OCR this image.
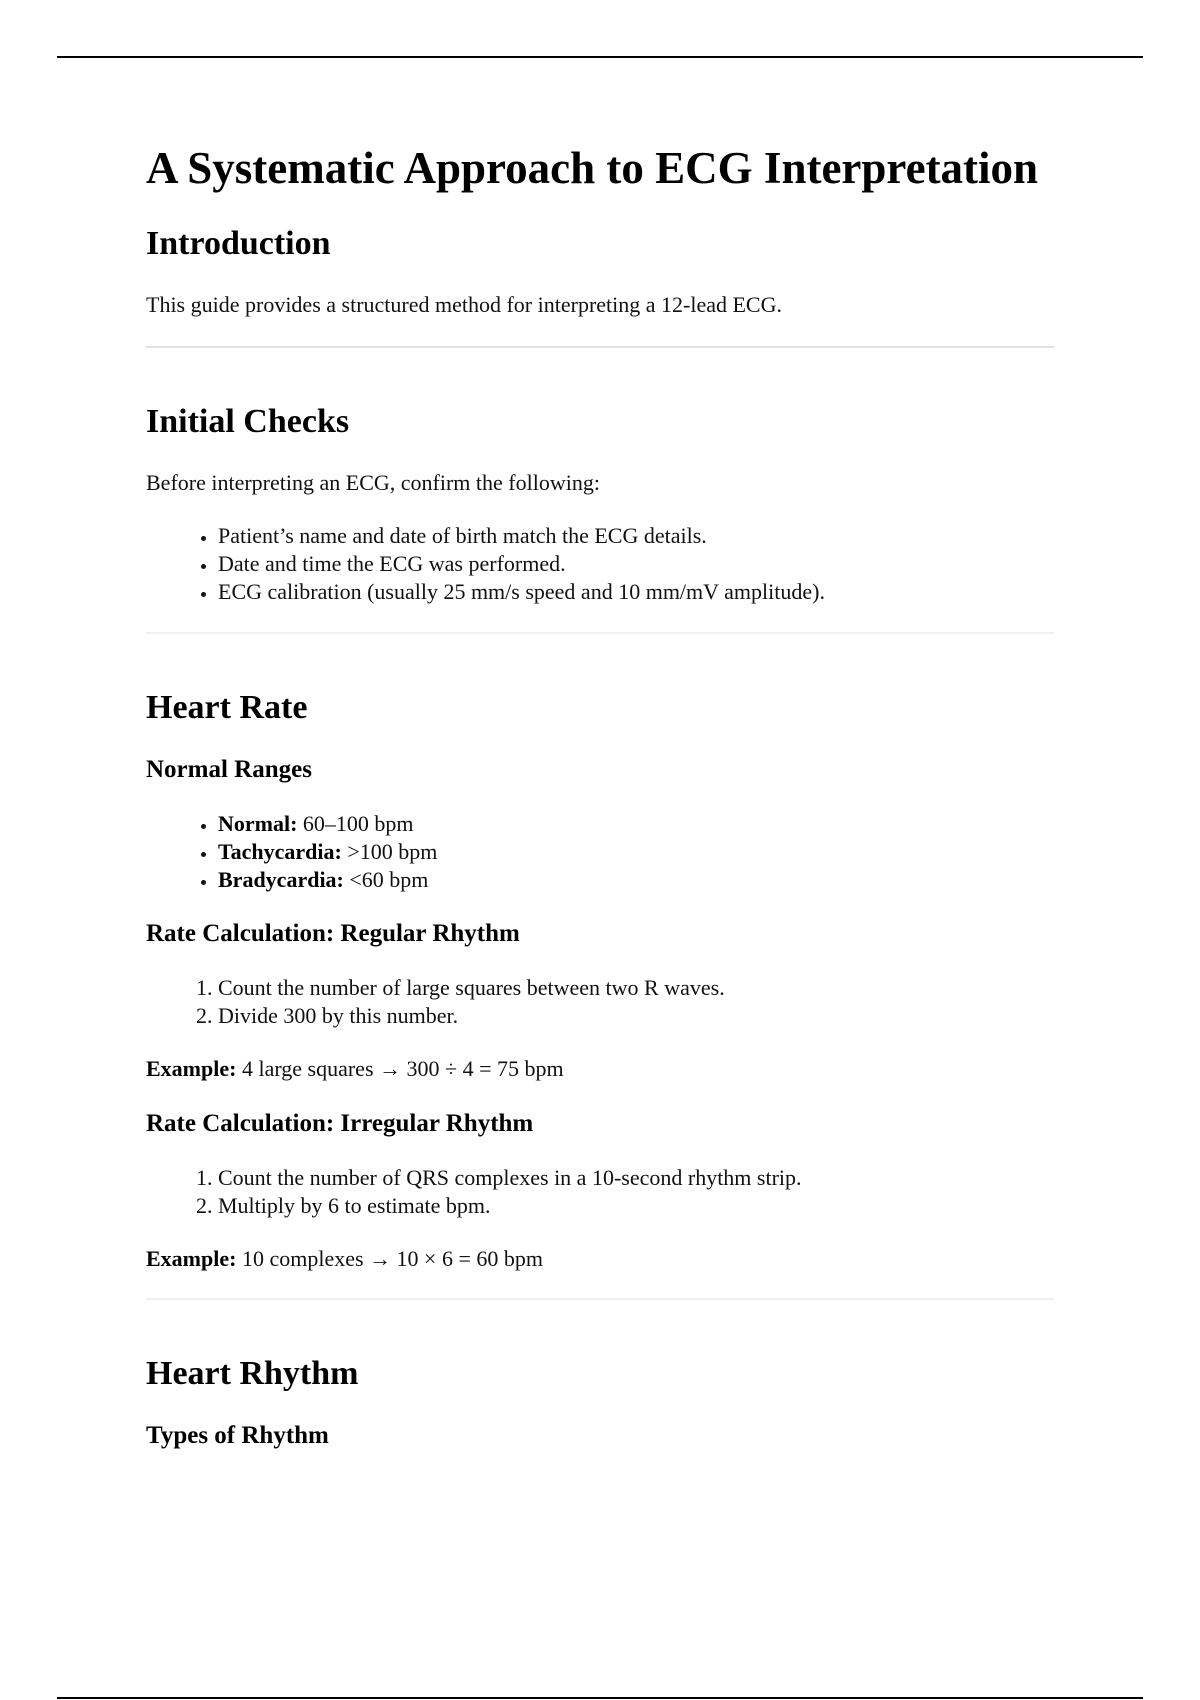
A Systematic Approach to ECG Interpretation
Introduction

This guide provides a structured method for interpreting a 12-lead ECG.

Initial Checks

Before interpreting an ECG, confirm the following:

• Patient’s name and date of birth match the ECG details.
• Date and time the ECG was performed.
• ECG calibration (usually 25 mm/s speed and 10 mm/mV amplitude).
Heart Rate
Normal Ranges
• Normal: 60–100 bpm
• Tachycardia: >100 bpm
• Bradycardia: <60 bpm
Rate Calculation: Regular Rhythm
1. Count the number of large squares between two R waves.
2. Divide 300 by this number.

Example: 4 large squares → 300 ÷ 4 = 75 bpm

Rate Calculation: Irregular Rhythm
1. Count the number of QRS complexes in a 10-second rhythm strip.
2. Multiply by 6 to estimate bpm.

Example: 10 complexes → 10 × 6 = 60 bpm

Heart Rhythm
Types of Rhythm
